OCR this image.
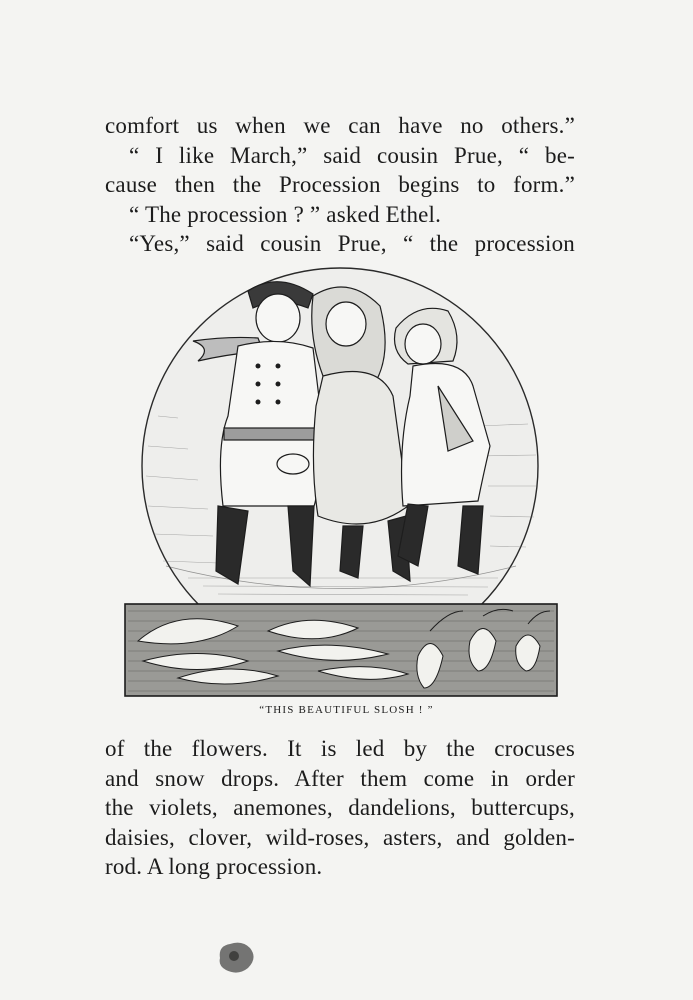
comfort us when we can have no others.”
“ I like March,” said cousin Prue, “ be-
cause then the Procession begins to form.”
“ The procession ? ” asked Ethel.
“Yes,” said cousin Prue, “ the procession
“THIS BEAUTIFUL SLOSH ! ”
of the flowers. It is led by the crocuses
and snow drops. After them come in order
the violets, anemones, dandelions, buttercups,
daisies, clover, wild-roses, asters, and golden-
rod. A long procession.
